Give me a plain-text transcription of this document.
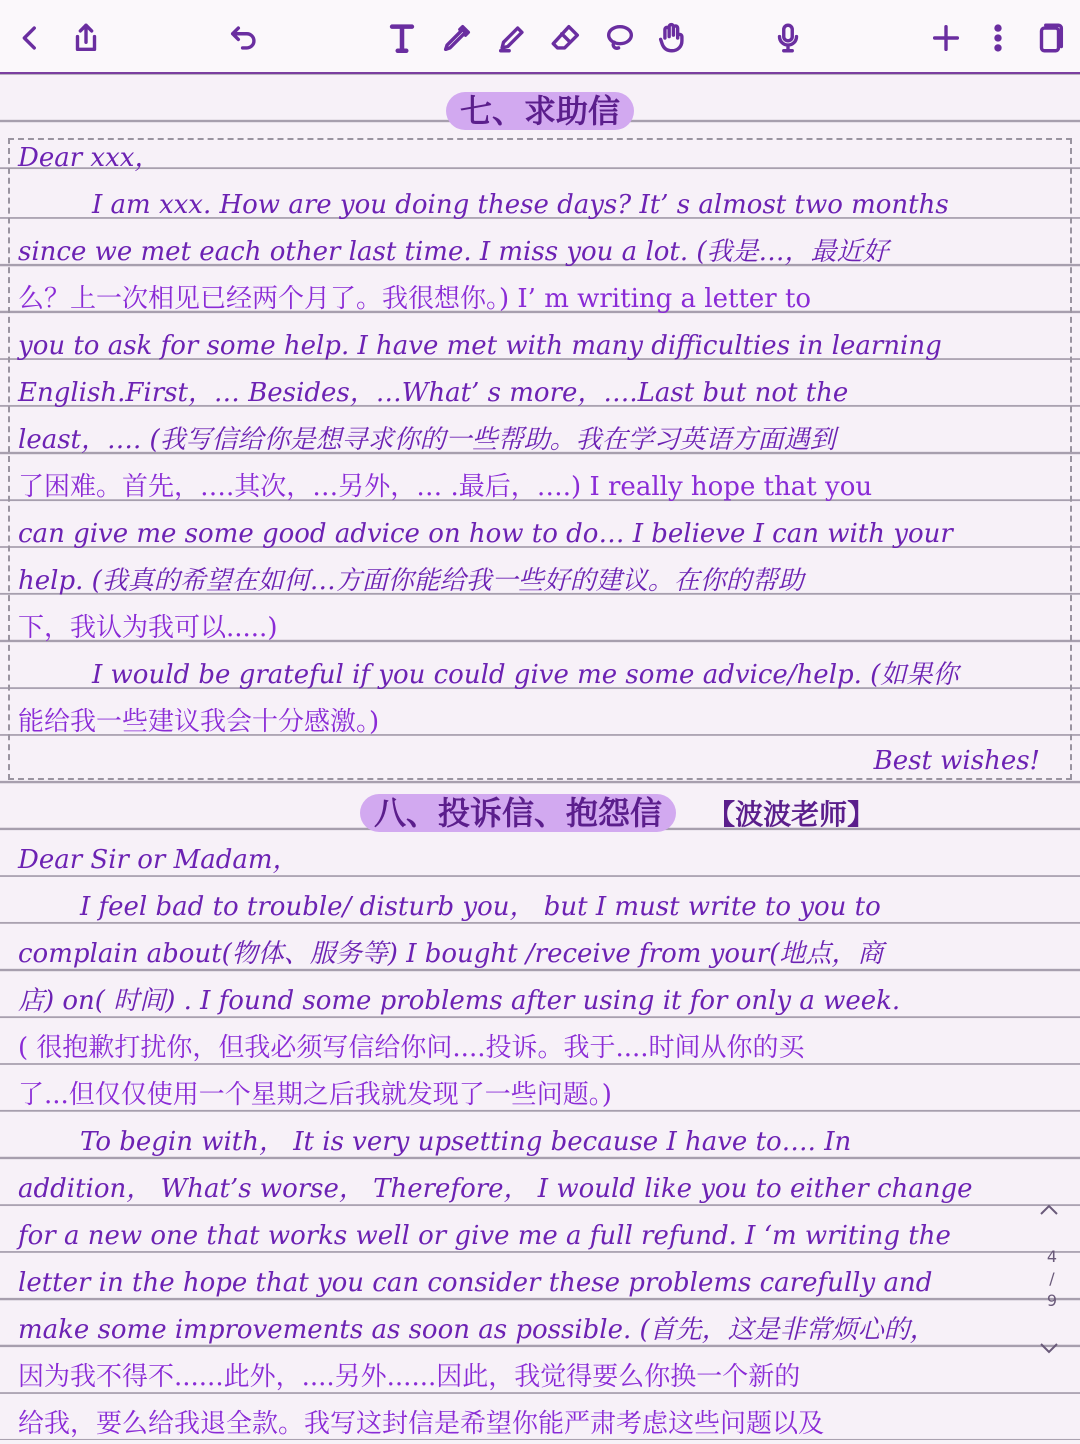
七、求助信
Dear xxx，
I am xxx. How are you doing these days? It’ s almost two months
since we met each other last time. I miss you a lot. (我是…，最近好
么？上一次相见已经两个月了。我很想你。) I’ m writing a letter to
you to ask for some help. I have met with many difficulties in learning
English.First，… Besides，…What’ s more，….Last but not the
least，…. (我写信给你是想寻求你的一些帮助。我在学习英语方面遇到
了困难。首先，….其次，…另外，… .最后，….) I really hope that you
can give me some good advice on how to do… I believe I can with your
help. (我真的希望在如何…方面你能给我一些好的建议。在你的帮助
下，我认为我可以.....)
I would be grateful if you could give me some advice/help. (如果你
能给我一些建议我会十分感激。)
Best wishes!
八、投诉信、抱怨信 【波波老师】
Dear Sir or Madam，
I feel bad to trouble/ disturb you， but I must write to you to
complain about(物体、服务等) I bought /receive from your(地点，商
店) on( 时间) . I found some problems after using it for only a week.
( 很抱歉打扰你，但我必须写信给你问....投诉。我于....时间从你的买
了...但仅仅使用一个星期之后我就发现了一些问题。)
To begin with， It is very upsetting because I have to…. In
addition， What’s worse， Therefore， I would like you to either change
for a new one that works well or give me a full refund. I ‘m writing the
letter in the hope that you can consider these problems carefully and
make some improvements as soon as possible. (首先，这是非常烦心的，
因为我不得不......此外，....另外......因此，我觉得要么你换一个新的
给我，要么给我退全款。我写这封信是希望你能严肃考虑这些问题以及
4
/
9
